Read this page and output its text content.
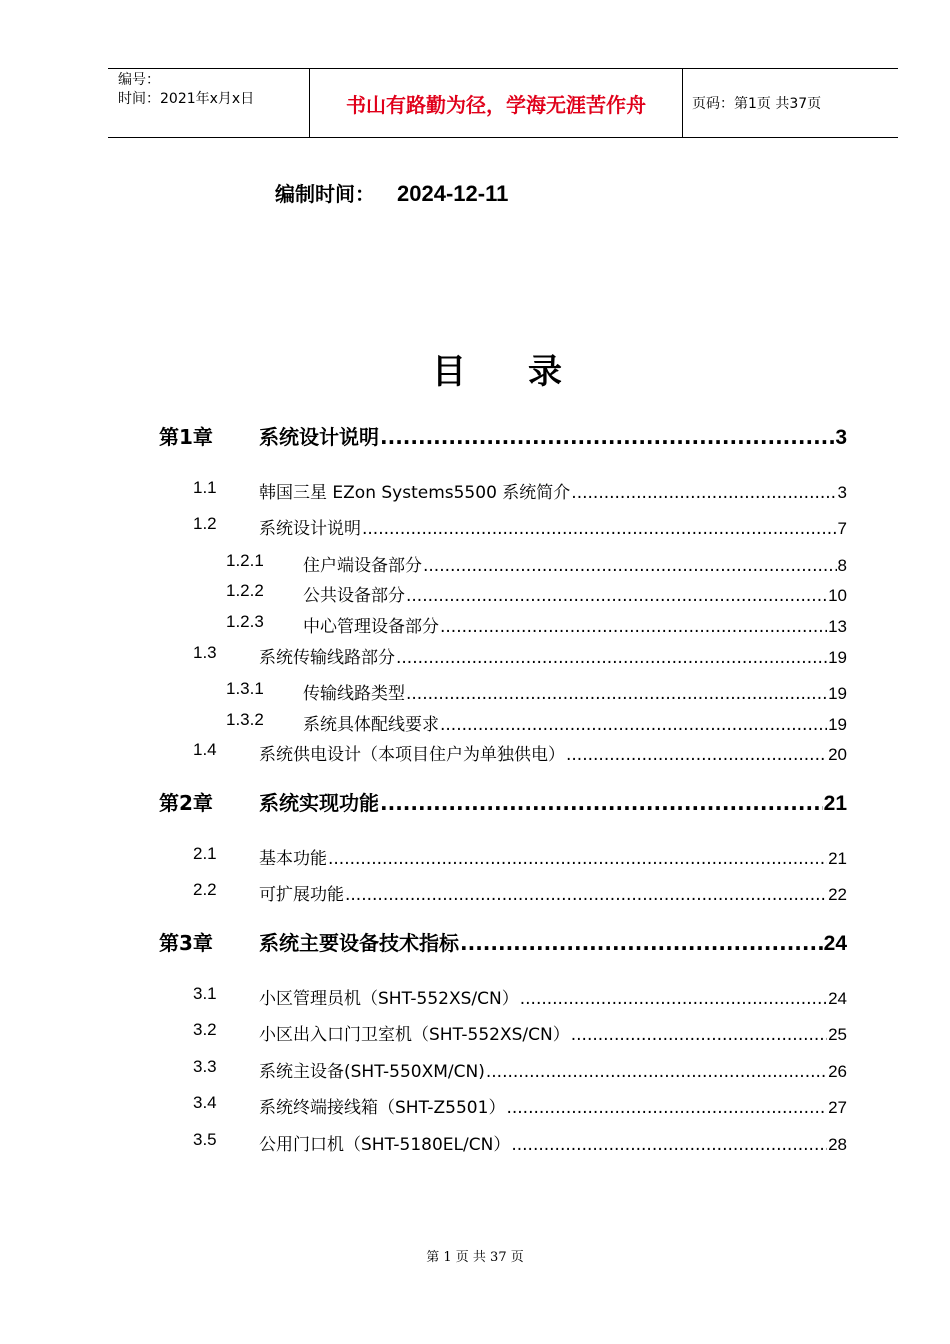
编号：
时间：2021年x月x日	书山有路勤为径，学海无涯苦作舟	页码：第1页 共37页
编制时间： 2024-12-11
目录
第1章 系统设计说明 .....	3
1.1 韩国三星 EZon Systems5500 系统简介 .....	3
1.2 系统设计说明 .....	7
1.2.1 住户端设备部分 .....	8
1.2.2 公共设备部分 .....	10
1.2.3 中心管理设备部分 .....	13
1.3 系统传输线路部分 .....	19
1.3.1 传输线路类型 .....	19
1.3.2 系统具体配线要求 .....	19
1.4 系统供电设计（本项目住户为单独供电） .....	20
第2章 系统实现功能 .....	21
2.1 基本功能 .....	21
2.2 可扩展功能 .....	22
第3章 系统主要设备技术指标 .....	24
3.1 小区管理员机（SHT-552XS/CN） .....	24
3.2 小区出入口门卫室机（SHT-552XS/CN） .....	25
3.3 系统主设备(SHT-550XM/CN) .....	26
3.4 系统终端接线箱（SHT-Z5501） .....	27
3.5 公用门口机（SHT-5180EL/CN） .....	28
第 1 页 共 37 页
